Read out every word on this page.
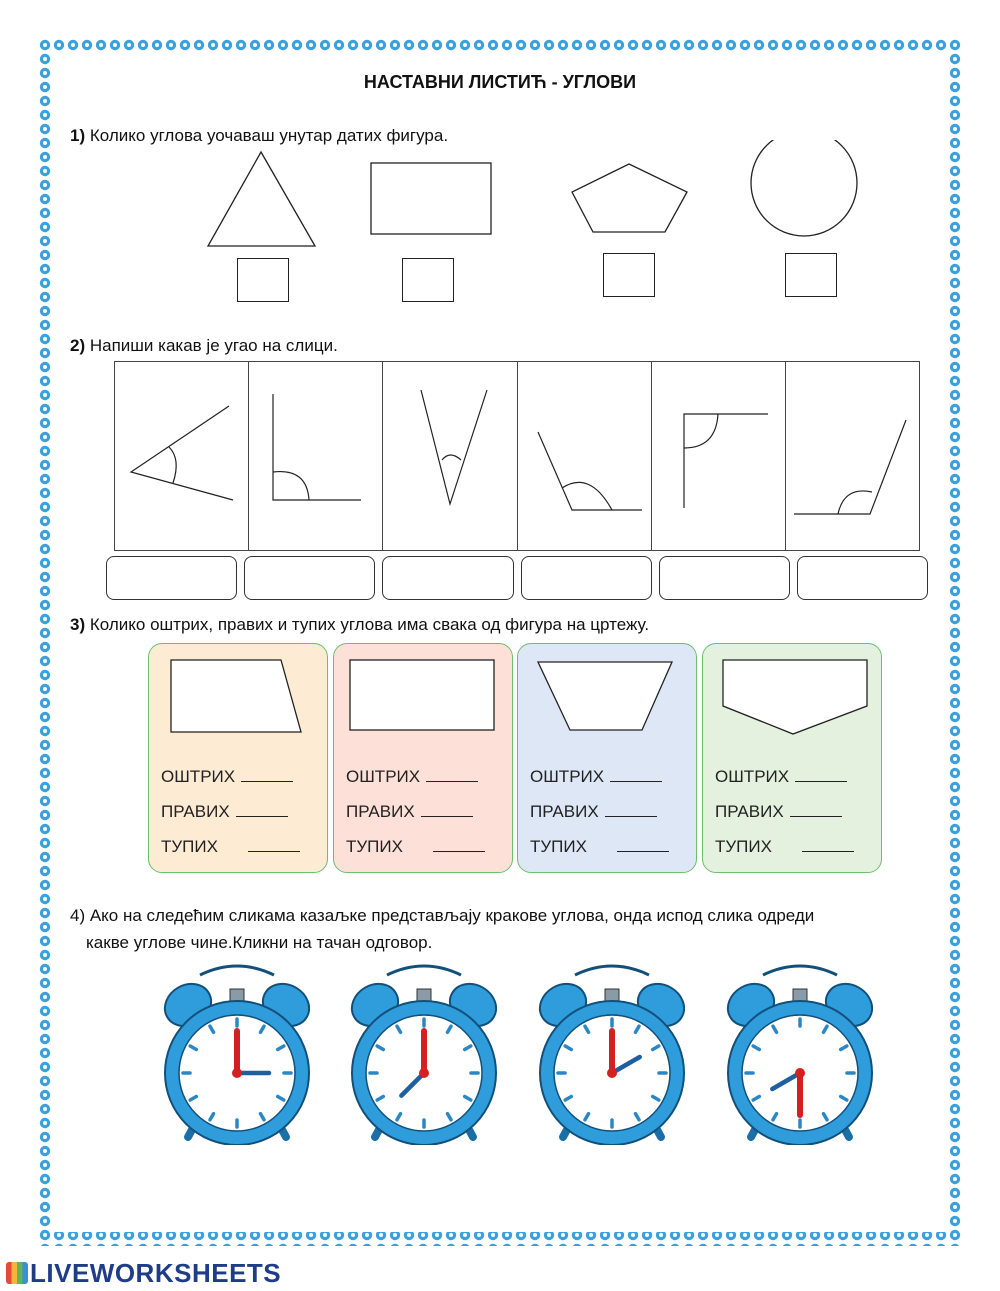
НАСТАВНИ ЛИСТИЋ - УГЛОВИ
1) Колико углова уочаваш унутар датих фигура.
2) Напиши какав је угао на слици.
3) Колико оштрих, правих и тупих углова има свака од фигура на цртежу.
ОШТРИХ
ПРАВИХ
ТУПИХ
ОШТРИХ
ПРАВИХ
ТУПИХ
ОШТРИХ
ПРАВИХ
ТУПИХ
ОШТРИХ
ПРАВИХ
ТУПИХ
4) Ако на следећим сликама казаљке представљају кракове углова, онда испод слика одреди
какве углове чине.Кликни на тачан одговор.
LIVEWORKSHEETS
